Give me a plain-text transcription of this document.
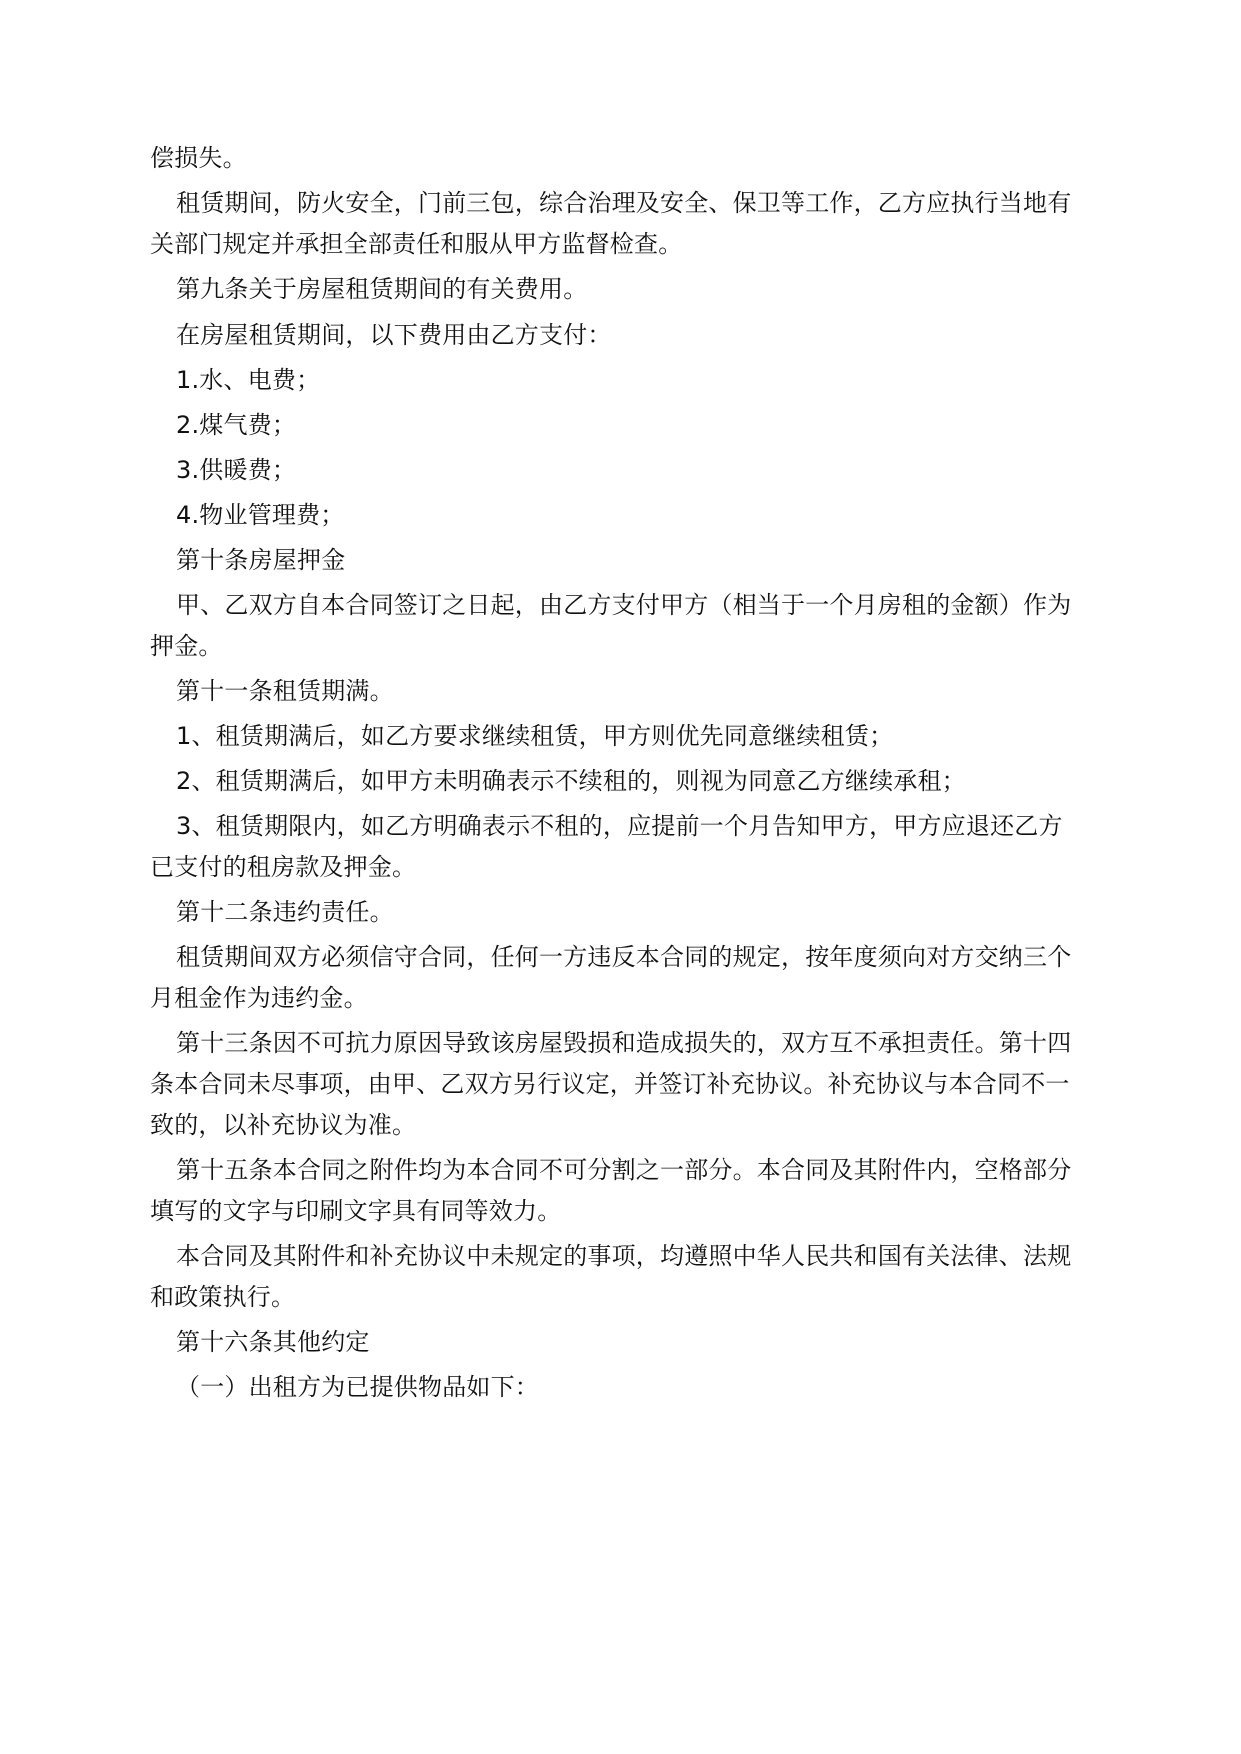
偿损失。
租赁期间，防火安全，门前三包，综合治理及安全、保卫等工作，乙方应执行当地有
关部门规定并承担全部责任和服从甲方监督检查。
第九条关于房屋租赁期间的有关费用。
在房屋租赁期间，以下费用由乙方支付：
1.水、电费；
2.煤气费；
3.供暖费；
4.物业管理费；
第十条房屋押金
甲、乙双方自本合同签订之日起，由乙方支付甲方（相当于一个月房租的金额）作为
押金。
第十一条租赁期满。
1、租赁期满后，如乙方要求继续租赁，甲方则优先同意继续租赁；
2、租赁期满后，如甲方未明确表示不续租的，则视为同意乙方继续承租；
3、租赁期限内，如乙方明确表示不租的，应提前一个月告知甲方，甲方应退还乙方
已支付的租房款及押金。
第十二条违约责任。
租赁期间双方必须信守合同，任何一方违反本合同的规定，按年度须向对方交纳三个
月租金作为违约金。
第十三条因不可抗力原因导致该房屋毁损和造成损失的，双方互不承担责任。第十四
条本合同未尽事项，由甲、乙双方另行议定，并签订补充协议。补充协议与本合同不一
致的，以补充协议为准。
第十五条本合同之附件均为本合同不可分割之一部分。本合同及其附件内，空格部分
填写的文字与印刷文字具有同等效力。
本合同及其附件和补充协议中未规定的事项，均遵照中华人民共和国有关法律、法规
和政策执行。
第十六条其他约定
（一）出租方为已提供物品如下：
